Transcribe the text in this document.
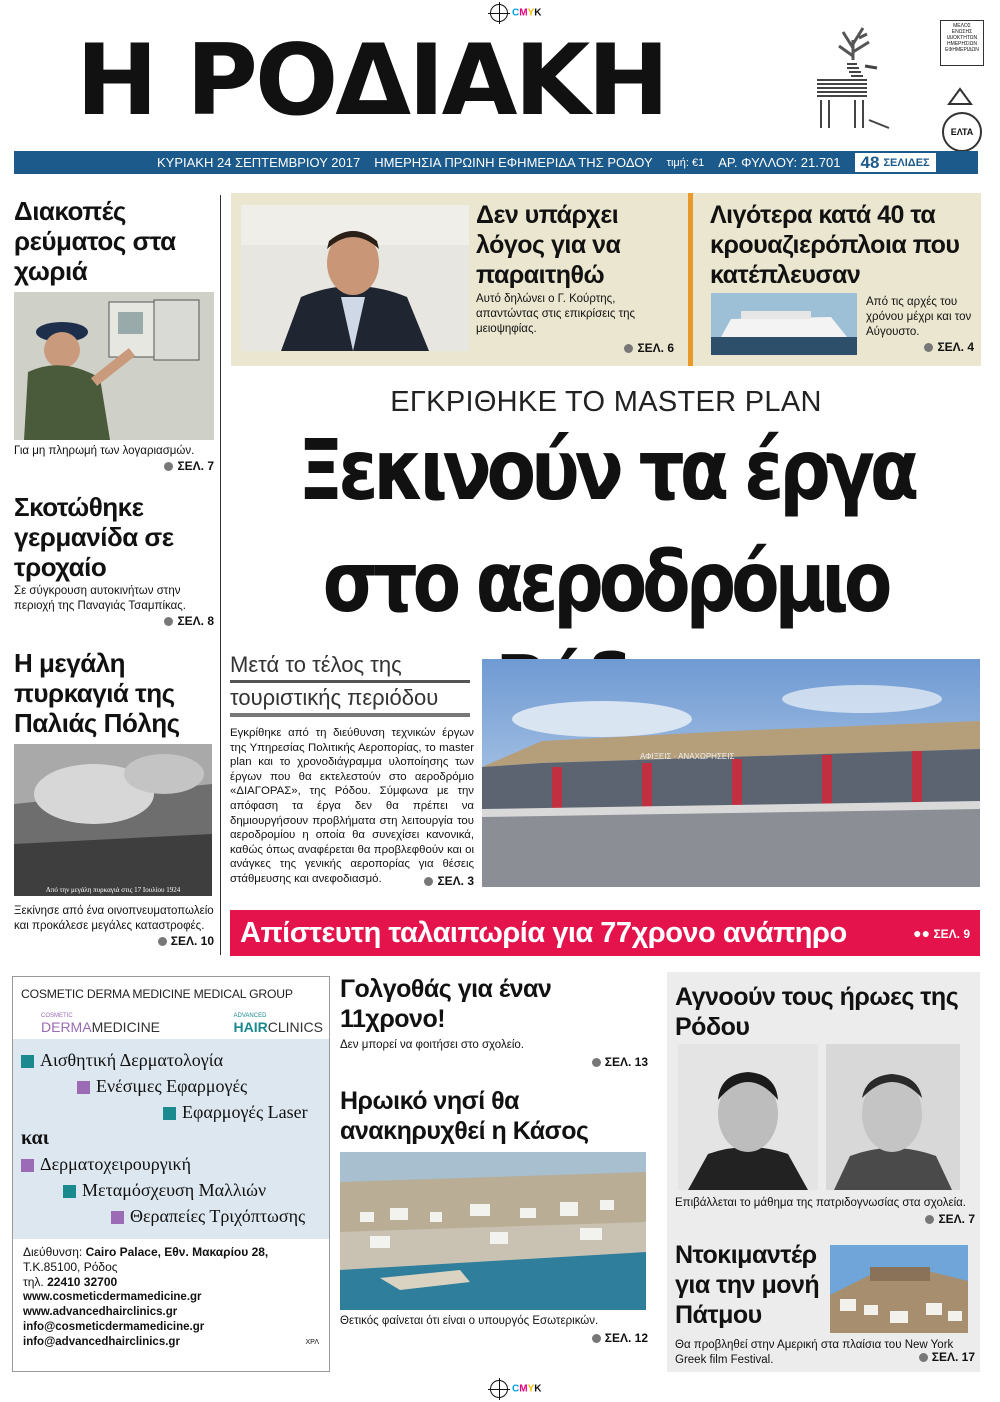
CMYK
Η ΡΟΔΙΑΚΗ	ΜΕΛΟΣ ΕΝΩΣΗΣ ΙΔΙΟΚΤΗΤΩΝ ΗΜΕΡΗΣΙΩΝ ΕΦΗΜΕΡΙΔΩΝ
ΕΛΤΑ
ΚΥΡΙΑΚΗ 24 ΣΕΠΤΕΜΒΡΙΟΥ 2017 ΗΜΕΡΗΣΙΑ ΠΡΩΙΝΗ ΕΦΗΜΕΡΙΔΑ ΤΗΣ ΡΟΔΟΥ τιμή: €1 ΑΡ. ΦΥΛΛΟΥ: 21.701 48 ΣΕΛΙΔΕΣ
Διακοπές ρεύματος στα χωριά
Για μη πληρωμή των λογαριασμών.
ΣΕΛ. 7
Σκοτώθηκε γερμανίδα σε τροχαίο
Σε σύγκρουση αυτοκινήτων στην περιοχή της Παναγιάς Τσαμπίκας.
ΣΕΛ. 8
Η μεγάλη πυρκαγιά της Παλιάς Πόλης
Από την μεγάλη πυρκαγιά στις 17 Ιουλίου 1924
Ξεκίνησε από ένα οινοπνευματοπωλείο και προκάλεσε μεγάλες καταστροφές.
ΣΕΛ. 10
Δεν υπάρχει λόγος για να παραιτηθώ
Αυτό δηλώνει ο Γ. Κούρτης, απαντώντας στις επικρίσεις της μειοψηφίας.
ΣΕΛ. 6
Λιγότερα κατά 40 τα κρουαζιερόπλοια που κατέπλευσαν
Από τις αρχές του χρόνου μέχρι και τον Αύγουστο.
ΣΕΛ. 4
ΕΓΚΡΙΘΗΚΕ ΤΟ MASTER PLAN
Ξεκινούν τα έργα
στο αεροδρόμιο
Μετά το τέλος της
τουριστικής περιόδου
Εγκρίθηκε από τη διεύθυνση τεχνικών έργων της Υπηρεσίας Πολιτικής Αεροπορίας, το master plan και το χρονοδιάγραμμα υλοποίησης των έργων που θα εκτελεστούν στο αεροδρόμιο «ΔΙΑΓΟΡΑΣ», της Ρόδου. Σύμφωνα με την απόφαση τα έργα δεν θα πρέπει να δημιουργήσουν προβλήματα στη λειτουργία του αεροδρομίου η οποία θα συνεχίσει κανονικά, καθώς όπως αναφέρεται θα προβλεφθούν και οι ανάγκες της γενικής αεροπορίας για θέσεις στάθμευσης και ανεφοδιασμό.	ΣΕΛ. 3
ΑΦΙΞΕΙΣ · ΑΝΑΧΩΡΗΣΕΙΣ
Απίστευτη ταλαιπωρία για 77χρονο ανάπηρο	●● ΣΕΛ. 9
COSMETIC DERMA MEDICINE MEDICAL GROUP
COSMETIC
DERMAMEDICINE
ADVANCED
HAIRCLINICS
Αισθητική Δερματολογία
Ενέσιμες Εφαρμογές
Εφαρμογές Laser
και
Δερματοχειρουργική
Μεταμόσχευση Μαλλιών
Θεραπείες Τριχόπτωσης
Διεύθυνση: Cairo Palace, Εθν. Μακαρίου 28,
Τ.Κ.85100, Ρόδος
τηλ. 22410 32700
www.cosmeticdermamedicine.gr
www.advancedhairclinics.gr
info@cosmeticdermamedicine.gr
info@advancedhairclinics.gr	ΧΡΛ
Γολγοθάς για έναν 11χρονο!
Δεν μπορεί να φοιτήσει στο σχολείο.
ΣΕΛ. 13
Ηρωικό νησί θα ανακηρυχθεί η Κάσος
Θετικός φαίνεται ότι είναι ο υπουργός Εσωτερικών.
ΣΕΛ. 12
Αγνοούν τους ήρωες της Ρόδου
Επιβάλλεται το μάθημα της πατριδογνωσίας στα σχολεία.
ΣΕΛ. 7
Ντοκιμαντέρ για την μονή Πάτμου
Θα προβληθεί στην Αμερική στα πλαίσια του New York Greek film Festival.	ΣΕΛ. 17
CMYK
